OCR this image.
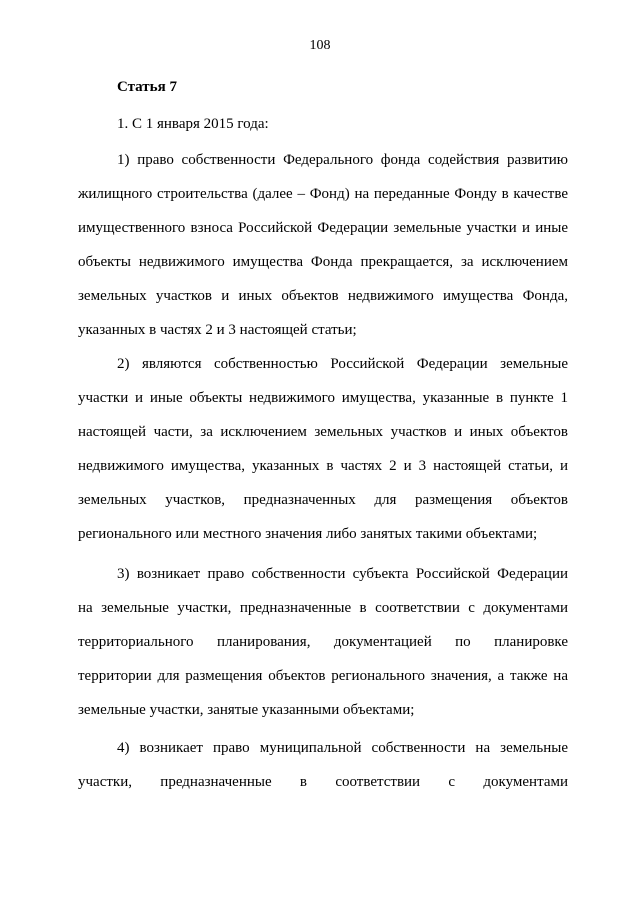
108

Статья 7

1. С 1 января 2015 года:

1) право собственности Федерального фонда содействия развитию
жилищного строительства (далее – Фонд) на переданные Фонду в качестве
имущественного взноса Российской Федерации земельные участки и иные
объекты недвижимого имущества Фонда прекращается, за исключением
земельных участков и иных объектов недвижимого имущества Фонда,
указанных в частях 2 и 3 настоящей статьи;

2) являются собственностью Российской Федерации земельные
участки и иные объекты недвижимого имущества, указанные в пункте 1
настоящей части, за исключением земельных участков и иных объектов
недвижимого имущества, указанных в частях 2 и 3 настоящей статьи, и
земельных участков, предназначенных для размещения объектов
регионального или местного значения либо занятых такими объектами;

3) возникает право собственности субъекта Российской Федерации
на земельные участки, предназначенные в соответствии с документами
территориального планирования, документацией по планировке
территории для размещения объектов регионального значения, а также на
земельные участки, занятые указанными объектами;

4) возникает право муниципальной собственности на земельные
участки, предназначенные в соответствии с документами
